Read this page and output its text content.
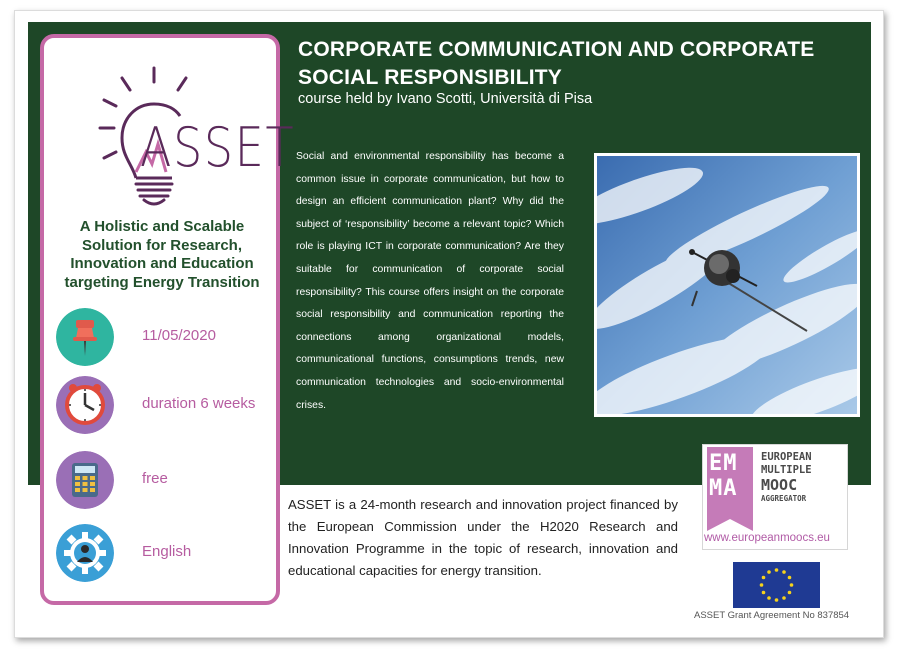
ASSET
A Holistic and Scalable Solution for Research, Innovation and Education targeting Energy Transition
11/05/2020
duration 6 weeks
free
English
CORPORATE COMMUNICATION AND CORPORATE SOCIAL RESPONSIBILITY
course held by Ivano Scotti, Università di Pisa
Social and environmental responsibility has become a common issue in corporate communication, but how to design an efficient communication plant? Why did the subject of ‘responsibility’ become a relevant topic? Which role is playing ICT in corporate communication? Are they suitable for communication of corporate social responsibility? This course offers insight on the corporate social responsibility and communication reporting the connections among organizational models, communicational functions, consumptions trends, new communication technologies and socio-environmental crises.
ASSET is a 24-month research and innovation project financed by the European Commission under the H2020 Research and Innovation Programme in the topic of research, innovation and educational capacities for energy transition.
EM
MA
EUROPEAN
MULTIPLE
MOOC
AGGREGATOR
www.europeanmoocs.eu
ASSET Grant Agreement No 837854
